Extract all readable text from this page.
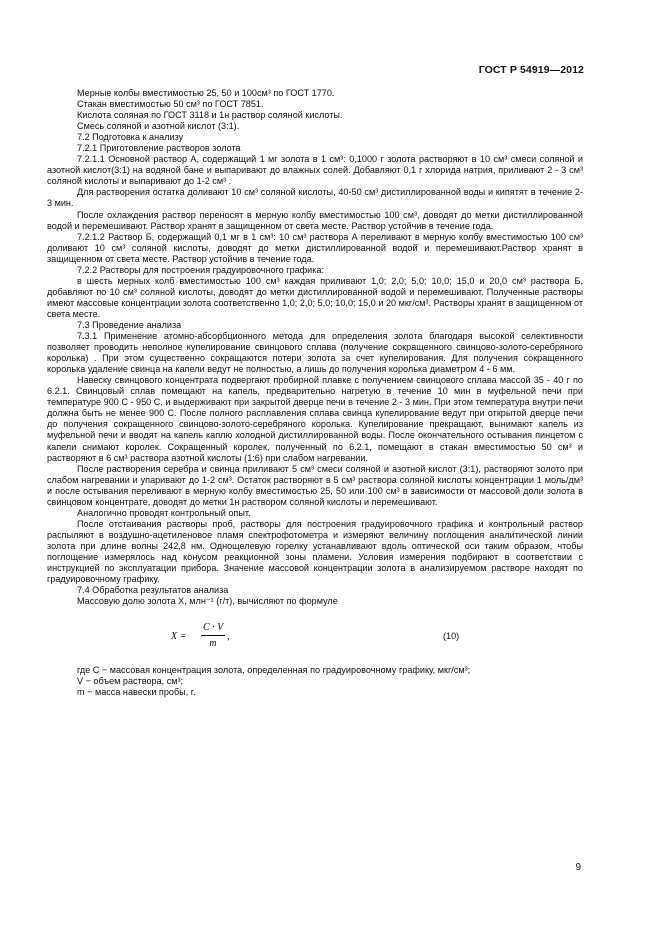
ГОСТ Р 54919—2012

Мерные колбы вместимостью 25, 50 и 100см³ по ГОСТ 1770.

Стакан вместимостью 50 см³ по ГОСТ 7851.

Кислота соляная по ГОСТ 3118 и 1н раствор соляной кислоты.

Смесь соляной и азотной кислот (3:1).

7.2 Подготовка к анализу

7.2.1 Приготовление растворов золота

7.2.1.1 Основной раствор А, содержащий 1 мг золота в 1 см³: 0,1000 г золота растворяют в 10 см³ смеси соляной и азотной кислот(3:1) на водяной бане и выпаривают до влажных солей. Добавляют 0,1 г хлорида натрия, приливают 2 - 3 см³ соляной кислоты и выпаривают до 1-2 см³ .

Для растворения остатка доливают 10 см³ соляной кислоты, 40-50 см³ дистиллированной воды и кипятят в течение 2- 3 мин.

После охлаждения раствор переносят в мерную колбу вместимостью 100 см³, доводят до метки дистиллированной водой и перемешивают. Раствор хранят в защищенном от света месте. Раствор устойчив в течение года.

7.2.1.2 Раствор Б, содержащий 0,1 мг в 1 см³: 10 см³ раствора А переливают в мерную колбу вместимостью 100 см³ доливают 10 см³ соляной кислоты, доводят до метки дистиллированной водой и перемешивают.Раствор хранят в защищенном от света месте. Раствор устойчив в течение года.

7.2.2 Растворы для построения градуировочного графика:

в шесть мерных колб вместимостью 100 см³ каждая приливают 1,0; 2,0; 5,0; 10,0; 15,0 и 20,0 см³ раствора Б, добавляют по 10 см³ соляной кислоты, доводят до метки дистиллированной водой и перемешивают. Полученные растворы имеют массовые концентрации золота соответственно 1,0; 2,0; 5,0; 10,0; 15,0 и 20 мкг/см³. Растворы хранят в защищенном от света месте.

7.3 Проведение анализа

7.3.1 Применение атомно-абсорбционного метода для определения золота благодаря высокой селективности позволяет проводить неполное купелирование свинцового сплава (получение сокращенного свинцово-золото-серебряного королька) . При этом существенно сокращаются потери золота за счет купелирования. Для получения сокращенного королька удаление свинца на капели ведут не полностью, а лишь до получения королька диаметром 4 - 6 мм.

Навеску свинцового концентрата подвергают пробирной плавке с получением свинцового сплава массой 35 - 40 г по 6.2.1. Свинцовый сплав помещают на капель, предварительно нагретую в течение 10 мин в муфельной печи при температуре 900 С - 950 С, и выдерживают при закрытой дверце печи в течение 2 - 3 мин. При этом температура внутри печи должна быть не менее 900 С. После полного расплавления сплава свинца купелирование ведут при открытой дверце печи до получения сокращенного свинцово-золото-серебряного королька. Купелирование прекращают, вынимают капель из муфельной печи и вводят на капель каплю холодной дистиллированной воды. После окончательного остывания пинцетом с капели снимают королек. Сокращенный королек, полученный по 6.2.1, помещают в стакан вместимостью 50 см³ и растворяют в 6 см³ раствора азотной кислоты (1:6) при слабом нагревании.

После растворения серебра и свинца приливают 5 см³ смеси соляной и азотной кислот (3:1), растворяют золото при слабом нагревании и упаривают до 1-2 см³. Остаток растворяют в 5 см³ раствора соляной кислоты концентрации 1 моль/дм³ и после остывания переливают в мерную колбу вместимостью 25, 50 или 100 см³ в зависимости от массовой доли золота в свинцовом концентрате, доводят до метки 1н раствором соляной кислоты и перемешивают.

Аналогично проводят контрольный опыт.

После отстаивания растворы проб, растворы для построения градуировочного графика и контрольный раствор распыляют в воздушно-ацетиленовое пламя спектрофотометра и измеряют величину поглощения аналитической линии золота при длине волны 242,8 нм. Однощелевую горелку устанавливают вдоль оптической оси таким образом, чтобы поглощение измерялось над конусом реакционной зоны пламени. Условия измерения подбирают в соответствии с инструкцией по эксплуатации прибора. Значение массовой концентрации золота в анализируемом растворе находят по градуировочному графику.

7.4 Обработка результатов анализа

Массовую долю золота X, млн⁻¹ (г/т), вычисляют по формуле

X =
C · V
m
,	(10)

где C − массовая концентрация золота, определенная по градуировочному графику, мкг/см³;

V − объем раствора, см³;

m − масса навески пробы, г.

9
